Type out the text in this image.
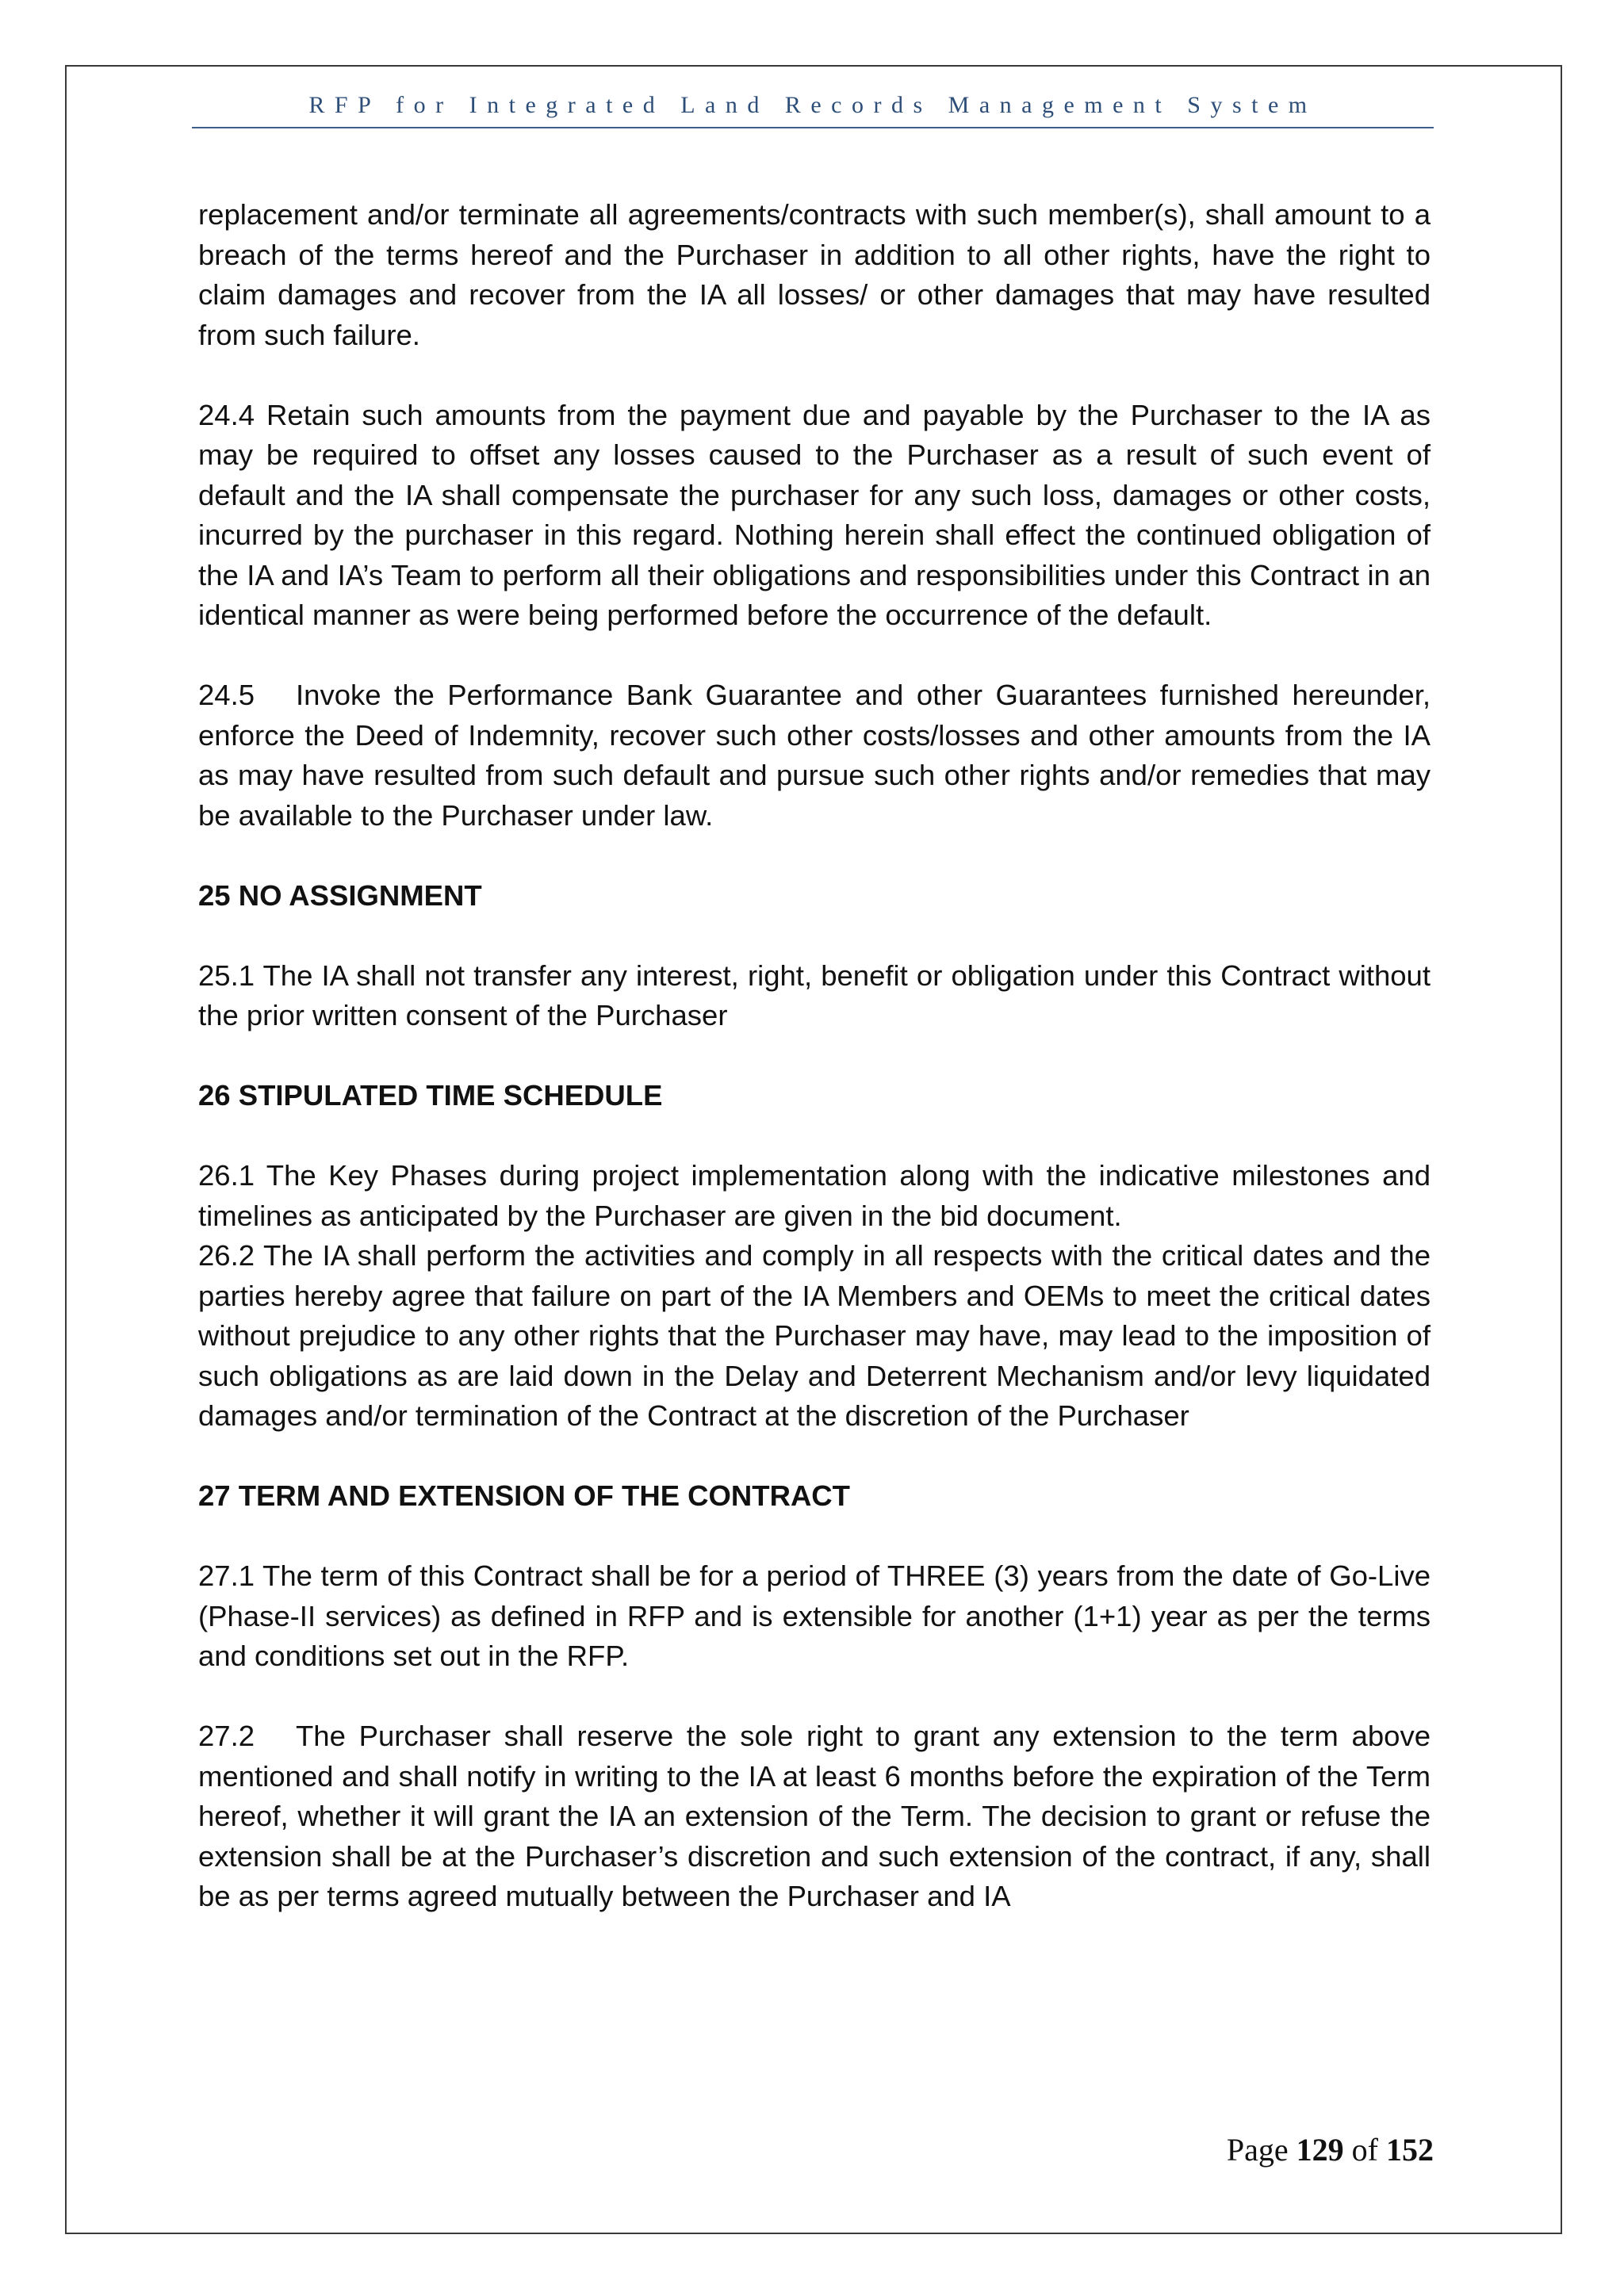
RFP for Integrated Land Records Management System

replacement and/or terminate all agreements/contracts with such member(s), shall amount to a breach of the terms hereof and the Purchaser in addition to all other rights, have the right to claim damages and recover from the IA all losses/ or other damages that may have resulted from such failure.

24.4 Retain such amounts from the payment due and payable by the Purchaser to the IA as may be required to offset any losses caused to the Purchaser as a result of such event of default and the IA shall compensate the purchaser for any such loss, damages or other costs, incurred by the purchaser in this regard. Nothing herein shall effect the continued obligation of the IA and IA’s Team to perform all their obligations and responsibilities under this Contract in an identical manner as were being performed before the occurrence of the default.

24.5 Invoke the Performance Bank Guarantee and other Guarantees furnished hereunder, enforce the Deed of Indemnity, recover such other costs/losses and other amounts from the IA as may have resulted from such default and pursue such other rights and/or remedies that may be available to the Purchaser under law.

25 NO ASSIGNMENT

25.1 The IA shall not transfer any interest, right, benefit or obligation under this Contract without the prior written consent of the Purchaser

26 STIPULATED TIME SCHEDULE

26.1 The Key Phases during project implementation along with the indicative milestones and timelines as anticipated by the Purchaser are given in the bid document.

26.2 The IA shall perform the activities and comply in all respects with the critical dates and the parties hereby agree that failure on part of the IA Members and OEMs to meet the critical dates without prejudice to any other rights that the Purchaser may have, may lead to the imposition of such obligations as are laid down in the Delay and Deterrent Mechanism and/or levy liquidated damages and/or termination of the Contract at the discretion of the Purchaser

27 TERM AND EXTENSION OF THE CONTRACT

27.1 The term of this Contract shall be for a period of THREE (3) years from the date of Go-Live (Phase-II services) as defined in RFP and is extensible for another (1+1) year as per the terms and conditions set out in the RFP.

27.2 The Purchaser shall reserve the sole right to grant any extension to the term above mentioned and shall notify in writing to the IA at least 6 months before the expiration of the Term hereof, whether it will grant the IA an extension of the Term. The decision to grant or refuse the extension shall be at the Purchaser’s discretion and such extension of the contract, if any, shall be as per terms agreed mutually between the Purchaser and IA

Page 129 of 152
